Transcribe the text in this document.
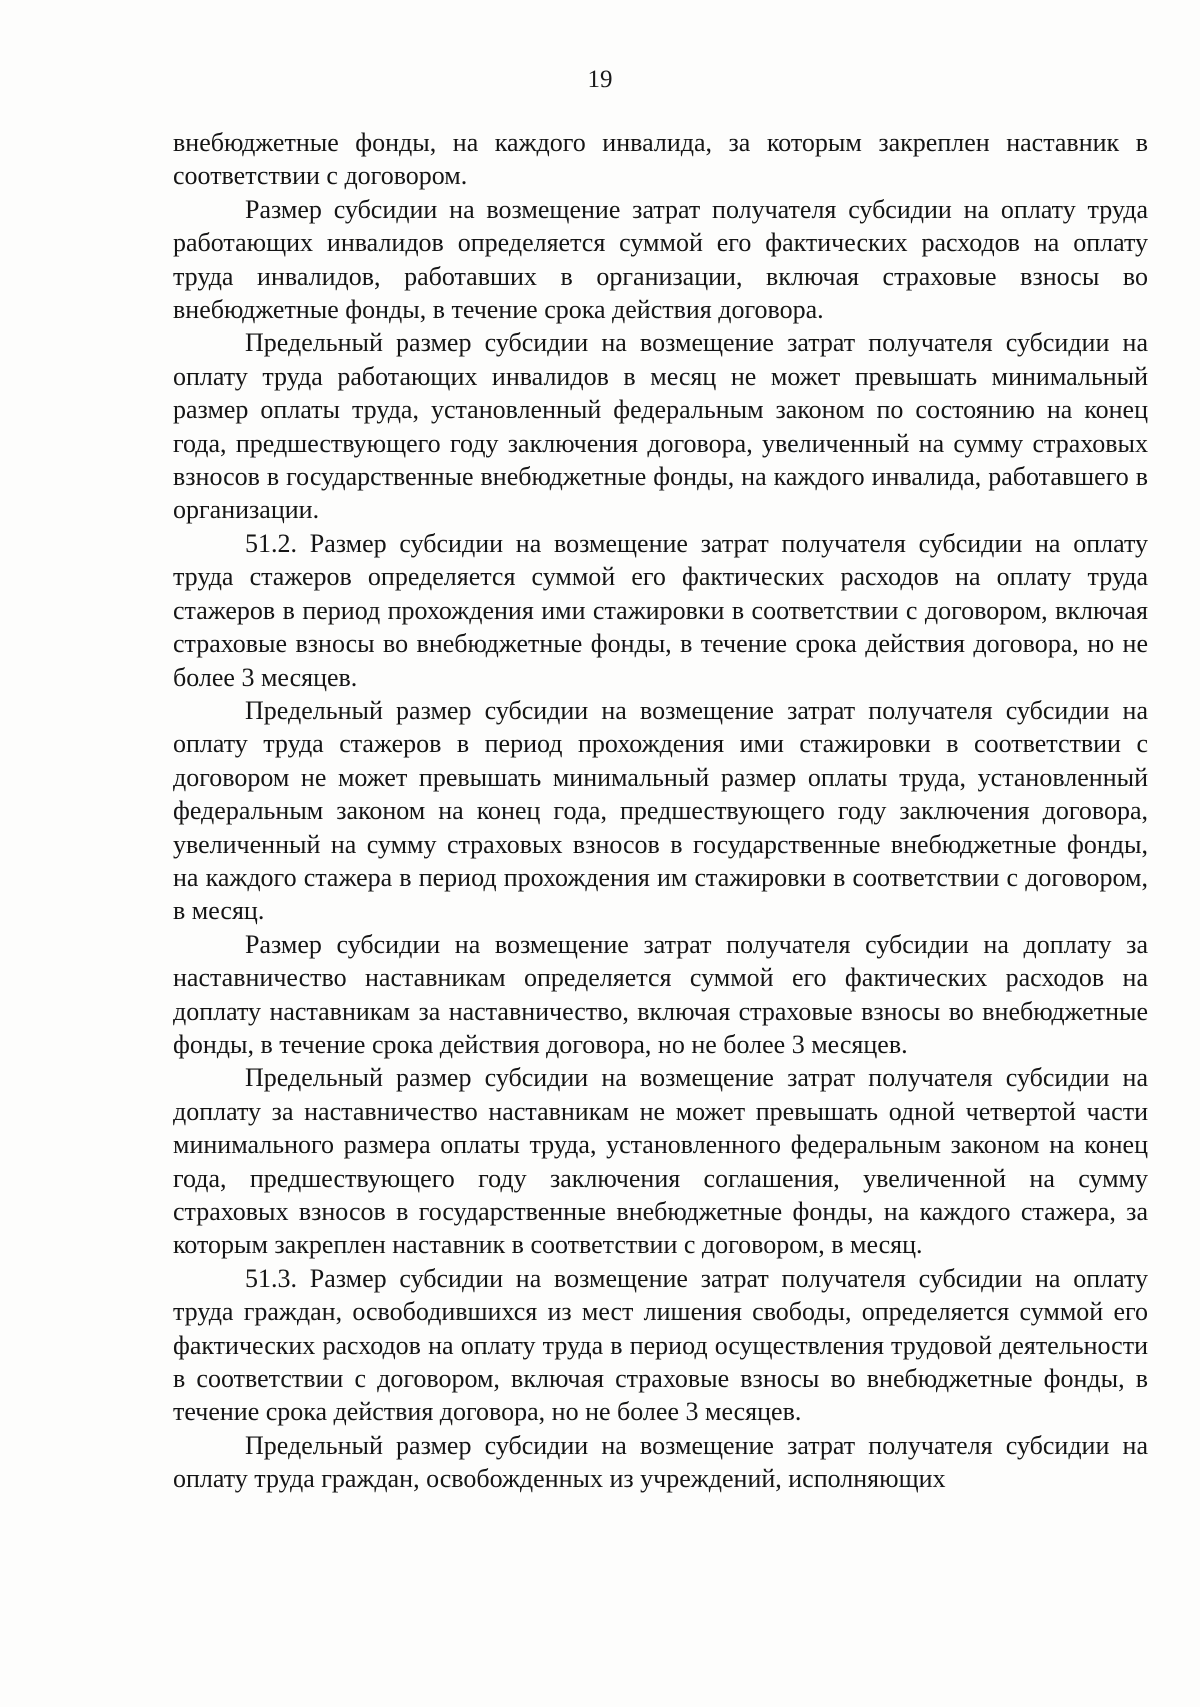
19

внебюджетные фонды, на каждого инвалида, за которым закреплен наставник в соответствии с договором.

Размер субсидии на возмещение затрат получателя субсидии на оплату труда работающих инвалидов определяется суммой его фактических расходов на оплату труда инвалидов, работавших в организации, включая страховые взносы во внебюджетные фонды, в течение срока действия договора.

Предельный размер субсидии на возмещение затрат получателя субсидии на оплату труда работающих инвалидов в месяц не может превышать минимальный размер оплаты труда, установленный федеральным законом по состоянию на конец года, предшествующего году заключения договора, увеличенный на сумму страховых взносов в государственные внебюджетные фонды, на каждого инвалида, работавшего в организации.

51.2. Размер субсидии на возмещение затрат получателя субсидии на оплату труда стажеров определяется суммой его фактических расходов на оплату труда стажеров в период прохождения ими стажировки в соответствии с договором, включая страховые взносы во внебюджетные фонды, в течение срока действия договора, но не более 3 месяцев.

Предельный размер субсидии на возмещение затрат получателя субсидии на оплату труда стажеров в период прохождения ими стажировки в соответствии с договором не может превышать минимальный размер оплаты труда, установленный федеральным законом на конец года, предшествующего году заключения договора, увеличенный на сумму страховых взносов в государственные внебюджетные фонды, на каждого стажера в период прохождения им стажировки в соответствии с договором, в месяц.

Размер субсидии на возмещение затрат получателя субсидии на доплату за наставничество наставникам определяется суммой его фактических расходов на доплату наставникам за наставничество, включая страховые взносы во внебюджетные фонды, в течение срока действия договора, но не более 3 месяцев.

Предельный размер субсидии на возмещение затрат получателя субсидии на доплату за наставничество наставникам не может превышать одной четвертой части минимального размера оплаты труда, установленного федеральным законом на конец года, предшествующего году заключения соглашения, увеличенной на сумму страховых взносов в государственные внебюджетные фонды, на каждого стажера, за которым закреплен наставник в соответствии с договором, в месяц.

51.3. Размер субсидии на возмещение затрат получателя субсидии на оплату труда граждан, освободившихся из мест лишения свободы, определяется суммой его фактических расходов на оплату труда в период осуществления трудовой деятельности в соответствии с договором, включая страховые взносы во внебюджетные фонды, в течение срока действия договора, но не более 3 месяцев.

Предельный размер субсидии на возмещение затрат получателя субсидии на оплату труда граждан, освобожденных из учреждений, исполняющих
